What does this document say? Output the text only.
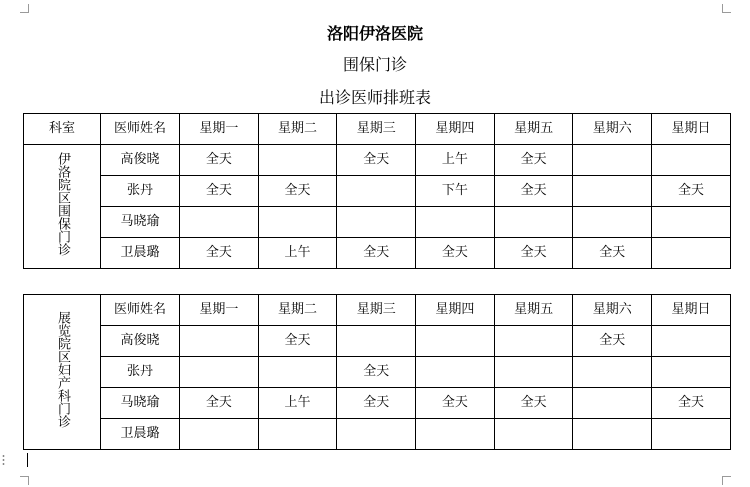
洛阳伊洛医院
围保门诊
出诊医师排班表
科室	医师姓名	星期一	星期二	星期三	星期四	星期五	星期六	星期日
伊洛院区围保门诊	高俊晓	全天		全天	上午	全天		
	张丹	全天	全天		下午	全天		全天
	马晓瑜							
	卫晨璐	全天	上午	全天	全天	全天	全天	
展览院区妇产科门诊	医师姓名	星期一	星期二	星期三	星期四	星期五	星期六	星期日
	高俊晓		全天				全天	
	张丹			全天				
	马晓瑜	全天	上午	全天	全天	全天		全天
	卫晨璐							
